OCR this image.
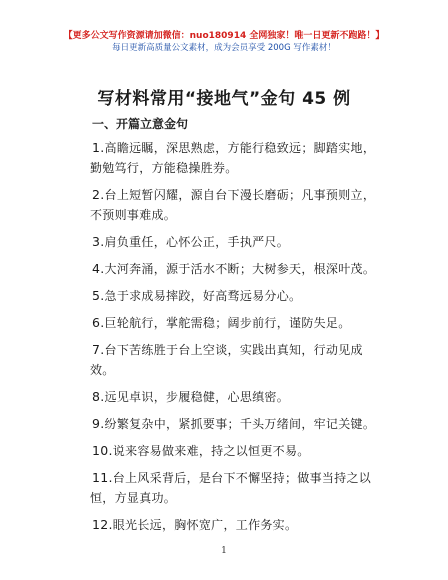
【更多公文写作资源请加微信：nuo180914 全网独家！唯一日更新不跑路！】
每日更新高质量公文素材，成为会员享受 200G 写作素材！
写材料常用“接地气”金句 45 例
一、开篇立意金句
1.高瞻远瞩，深思熟虑，方能行稳致远；脚踏实地，勤勉笃行，方能稳操胜券。
2.台上短暂闪耀，源自台下漫长磨砺；凡事预则立，不预则事难成。
3.肩负重任，心怀公正，手执严尺。
4.大河奔涌，源于活水不断；大树参天，根深叶茂。
5.急于求成易摔跤，好高骛远易分心。
6.巨轮航行，掌舵需稳；阔步前行，谨防失足。
7.台下苦练胜于台上空谈，实践出真知，行动见成效。
8.远见卓识，步履稳健，心思缜密。
9.纷繁复杂中，紧抓要事；千头万绪间，牢记关键。
10.说来容易做来难，持之以恒更不易。
11.台上风采背后，是台下不懈坚持；做事当持之以恒，方显真功。
12.眼光长远，胸怀宽广，工作务实。
1
